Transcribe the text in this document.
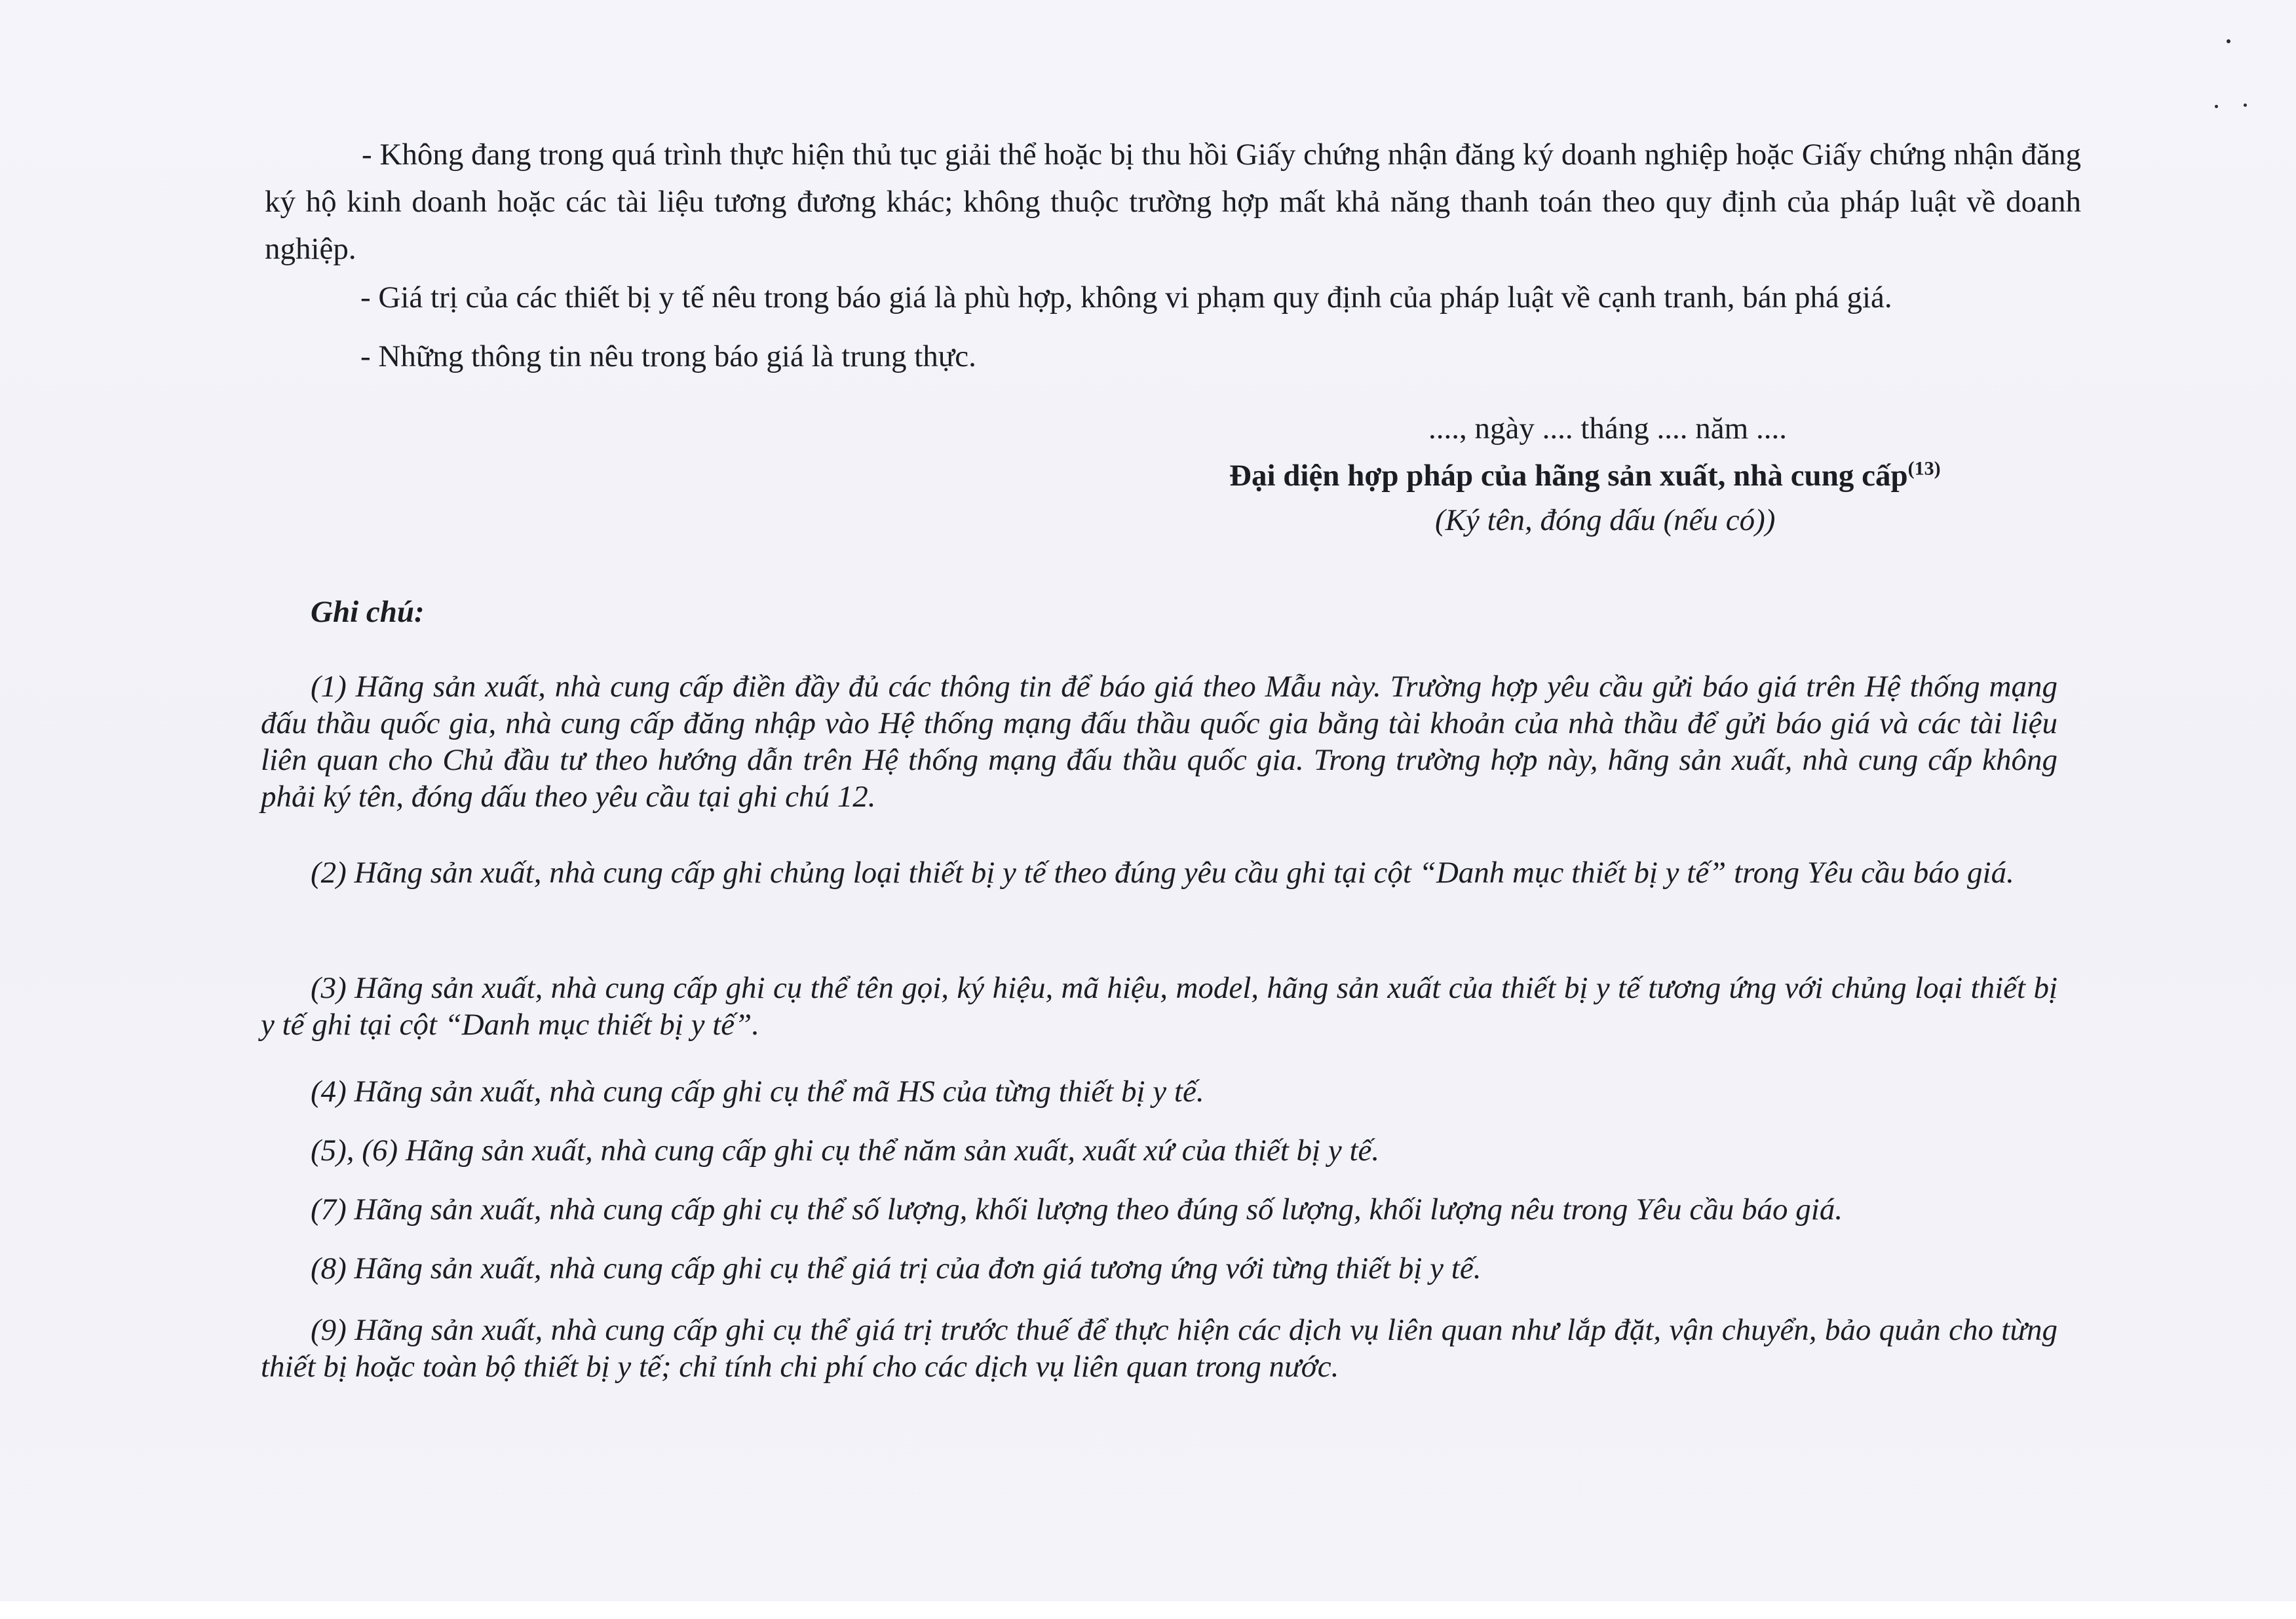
- Không đang trong quá trình thực hiện thủ tục giải thể hoặc bị thu hồi Giấy chứng nhận đăng ký doanh nghiệp hoặc Giấy chứng nhận đăng ký hộ kinh doanh hoặc các tài liệu tương đương khác; không thuộc trường hợp mất khả năng thanh toán theo quy định của pháp luật về doanh nghiệp.

- Giá trị của các thiết bị y tế nêu trong báo giá là phù hợp, không vi phạm quy định của pháp luật về cạnh tranh, bán phá giá.

- Những thông tin nêu trong báo giá là trung thực.

...., ngày .... tháng .... năm ....
Đại diện hợp pháp của hãng sản xuất, nhà cung cấp$^{(13)}$
(Ký tên, đóng dấu (nếu có))
Ghi chú:

(1) Hãng sản xuất, nhà cung cấp điền đầy đủ các thông tin để báo giá theo Mẫu này. Trường hợp yêu cầu gửi báo giá trên Hệ thống mạng đấu thầu quốc gia, nhà cung cấp đăng nhập vào Hệ thống mạng đấu thầu quốc gia bằng tài khoản của nhà thầu để gửi báo giá và các tài liệu liên quan cho Chủ đầu tư theo hướng dẫn trên Hệ thống mạng đấu thầu quốc gia. Trong trường hợp này, hãng sản xuất, nhà cung cấp không phải ký tên, đóng dấu theo yêu cầu tại ghi chú 12.

(2) Hãng sản xuất, nhà cung cấp ghi chủng loại thiết bị y tế theo đúng yêu cầu ghi tại cột “Danh mục thiết bị y tế” trong Yêu cầu báo giá.

(3) Hãng sản xuất, nhà cung cấp ghi cụ thể tên gọi, ký hiệu, mã hiệu, model, hãng sản xuất của thiết bị y tế tương ứng với chủng loại thiết bị y tế ghi tại cột “Danh mục thiết bị y tế”.

(4) Hãng sản xuất, nhà cung cấp ghi cụ thể mã HS của từng thiết bị y tế.

(5), (6) Hãng sản xuất, nhà cung cấp ghi cụ thể năm sản xuất, xuất xứ của thiết bị y tế.

(7) Hãng sản xuất, nhà cung cấp ghi cụ thể số lượng, khối lượng theo đúng số lượng, khối lượng nêu trong Yêu cầu báo giá.

(8) Hãng sản xuất, nhà cung cấp ghi cụ thể giá trị của đơn giá tương ứng với từng thiết bị y tế.

(9) Hãng sản xuất, nhà cung cấp ghi cụ thể giá trị trước thuế để thực hiện các dịch vụ liên quan như lắp đặt, vận chuyển, bảo quản cho từng thiết bị hoặc toàn bộ thiết bị y tế; chỉ tính chi phí cho các dịch vụ liên quan trong nước.
